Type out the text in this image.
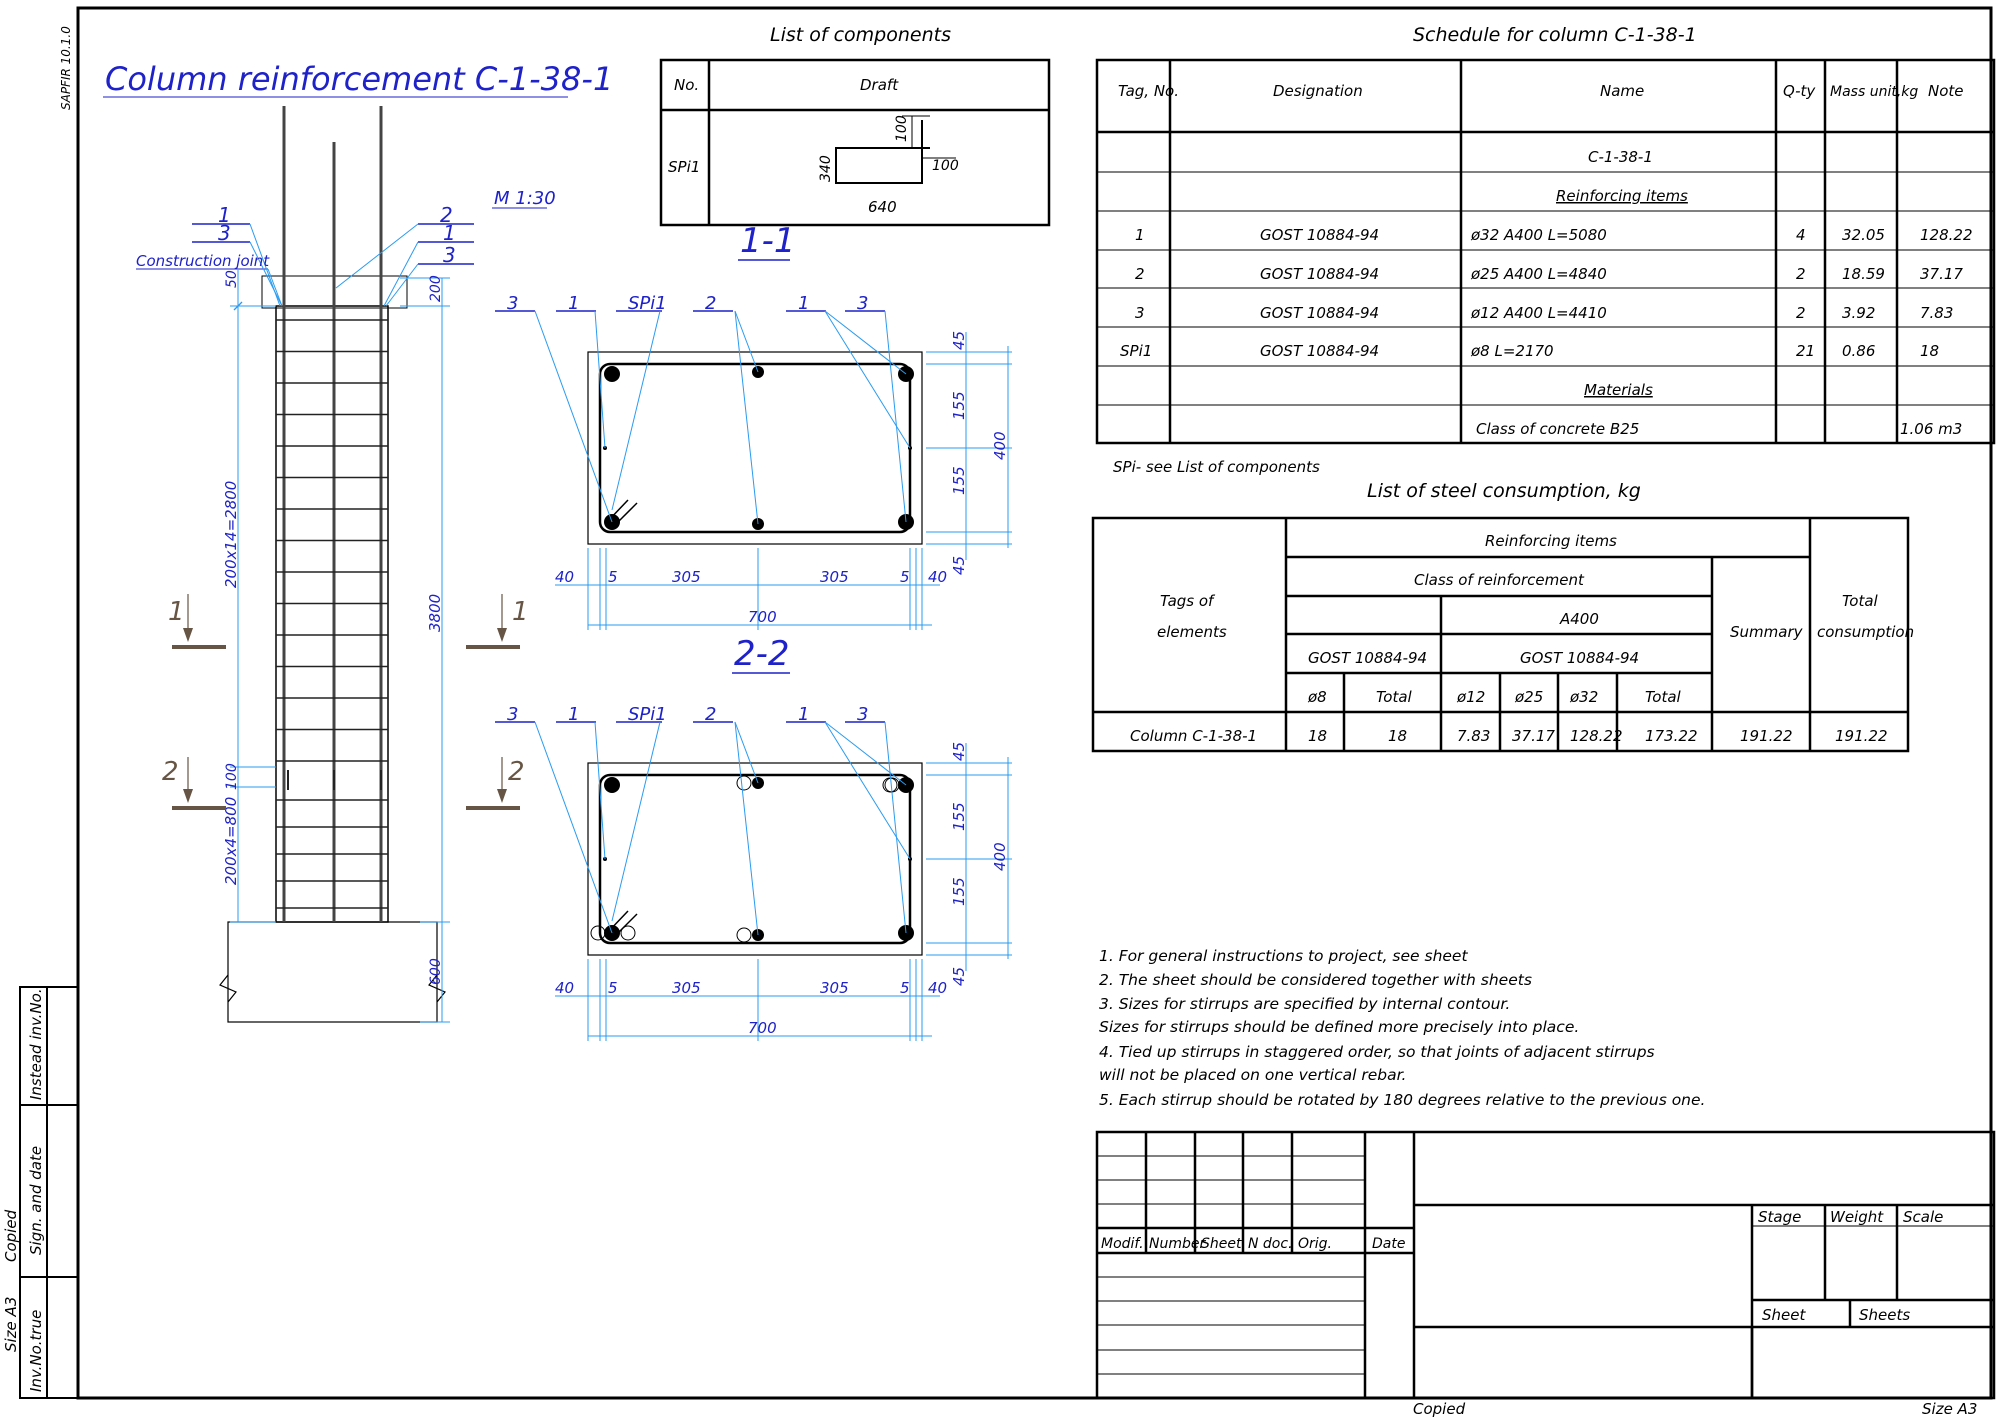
SAPFIR 10.1.0
Instead inv.No.
Sign. and date
Inv.No.true
Copied
Size A3
Copied	Size A3
Column reinforcement C-1-38-1
M 1:30
1
3
2
1
3
Construction joint
50
200x14=2800
100
200x4=800
200
3800
600
1	1
2	2
3	1	SPi1 2	1	3
40 5	305	305	5 40
700
45
155
155
45
400
3	1	SPi1 2	1	3
40 5	305	305	5 40
700
45
155
155
45
400
1-1
2-2
List of components
No.	Draft
SPi1
100
100
340
640
Schedule for column C-1-38-1
Tag, No.	Designation	Name	Q-ty Mass unit,kg Note
C-1-38-1
Reinforcing items
1	GOST 10884-94	ø32 A400 L=5080	4 32.05 128.22
2	GOST 10884-94	ø25 A400 L=4840	2 18.59 37.17
3	GOST 10884-94	ø12 A400 L=4410	2 3.92	7.83
SPi1	GOST 10884-94	ø8 L=2170	21 0.86	18
Materials
Class of concrete B25	1.06 m3
SPi- see List of components
List of steel consumption, kg
Tags of
elements
Reinforcing items
Class of reinforcement
A400
Summary
Total
consumption
GOST 10884-94	GOST 10884-94
ø8	Total	ø12 ø25 ø32	Total
Column C-1-38-1	18	18	7.83 37.17 128.22 173.22	191.22	191.22
1. For general instructions to project, see sheet
2. The sheet should be considered together with sheets
3. Sizes for stirrups are specified by internal contour.
Sizes for stirrups should be defined more precisely into place.
4. Tied up stirrups in staggered order, so that joints of adjacent stirrups
will not be placed on one vertical rebar.
5. Each stirrup should be rotated by 180 degrees relative to the previous one.
Modif. Number
Sheet N doc. Orig.	Date
Stage Weight Scale
Sheet	Sheets
